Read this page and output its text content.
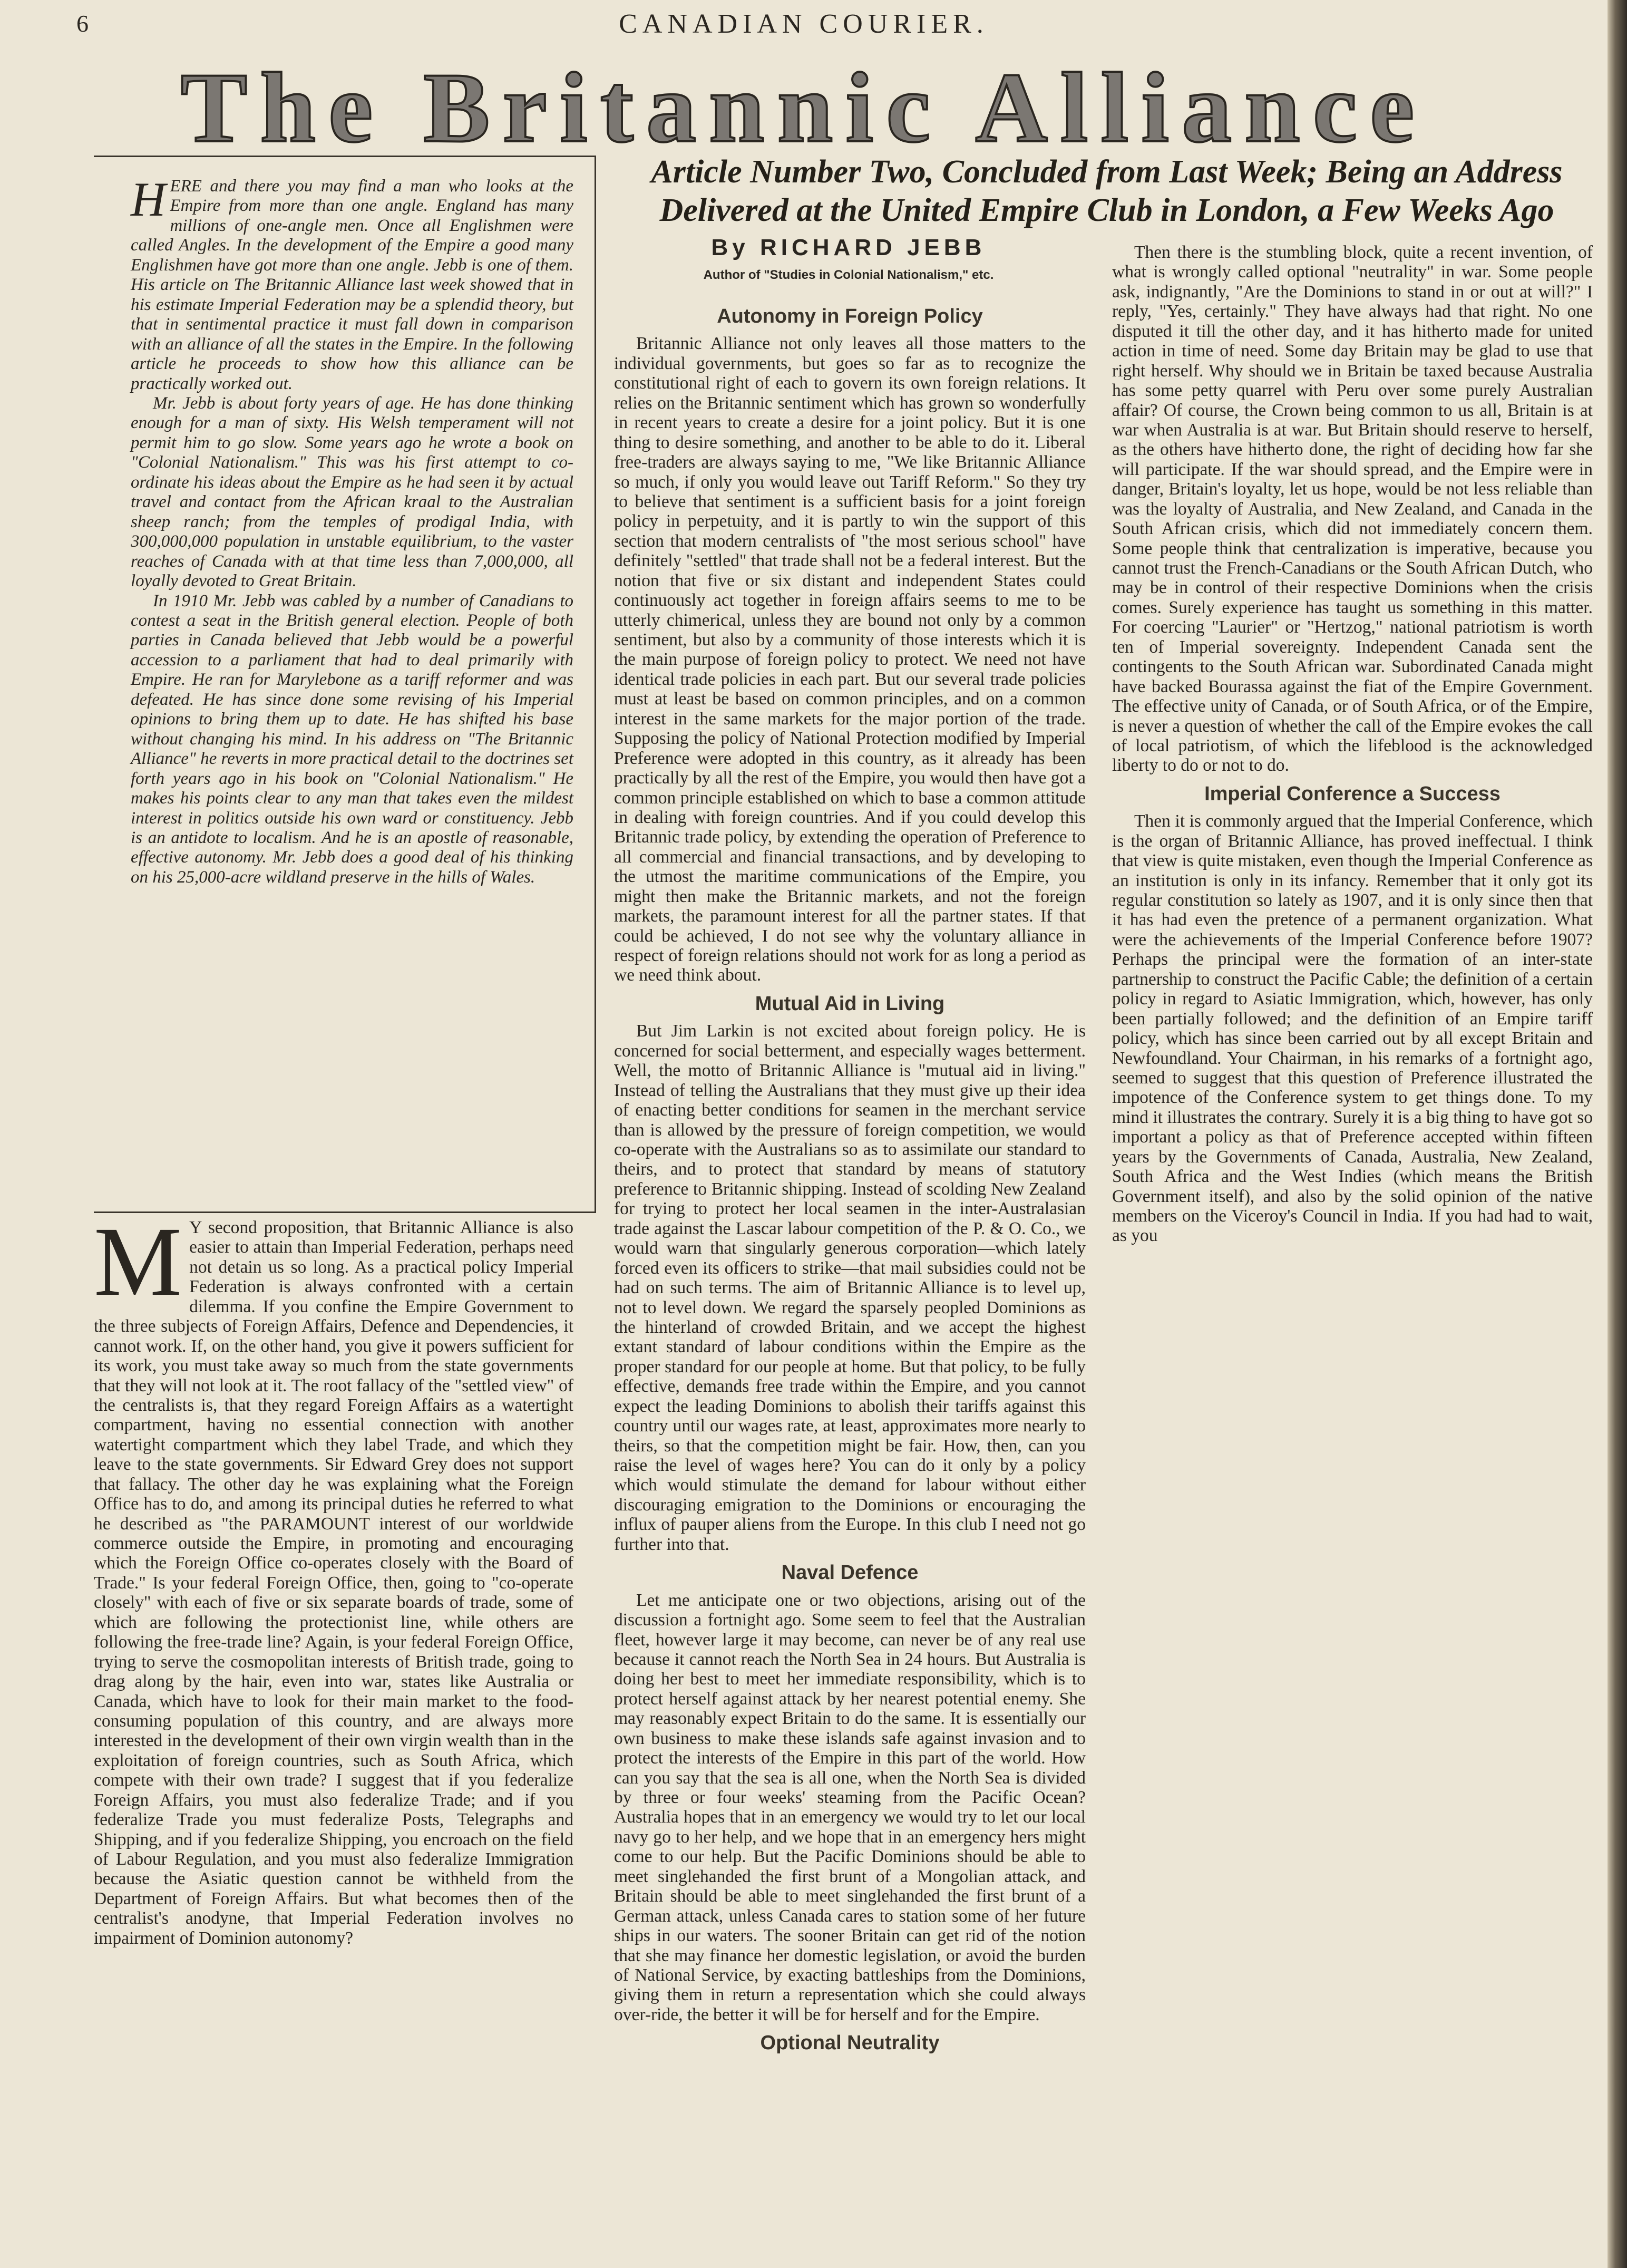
6	CANADIAN COURIER.
The Britannic Alliance
Article Number Two, Concluded from Last Week; Being an Address Delivered at the United Empire Club in London, a Few Weeks Ago
By RICHARD JEBB
Author of "Studies in Colonial Nationalism," etc.

HERE and there you may find a man who looks at the Empire from more than one angle. England has many millions of one-angle men. Once all Englishmen were called Angles. In the development of the Empire a good many Englishmen have got more than one angle. Jebb is one of them. His article on The Britannic Alliance last week showed that in his estimate Imperial Federation may be a splendid theory, but that in sentimental practice it must fall down in comparison with an alliance of all the states in the Empire. In the following article he proceeds to show how this alliance can be practically worked out.

Mr. Jebb is about forty years of age. He has done thinking enough for a man of sixty. His Welsh temperament will not permit him to go slow. Some years ago he wrote a book on "Colonial Nationalism." This was his first attempt to co-ordinate his ideas about the Empire as he had seen it by actual travel and contact from the African kraal to the Australian sheep ranch; from the temples of prodigal India, with 300,000,000 population in unstable equilibrium, to the vaster reaches of Canada with at that time less than 7,000,000, all loyally devoted to Great Britain.

In 1910 Mr. Jebb was cabled by a number of Canadians to contest a seat in the British general election. People of both parties in Canada believed that Jebb would be a powerful accession to a parliament that had to deal primarily with Empire. He ran for Marylebone as a tariff reformer and was defeated. He has since done some revising of his Imperial opinions to bring them up to date. He has shifted his base without changing his mind. In his address on "The Britannic Alliance" he reverts in more practical detail to the doctrines set forth years ago in his book on "Colonial Nationalism." He makes his points clear to any man that takes even the mildest interest in politics outside his own ward or constituency. Jebb is an antidote to localism. And he is an apostle of reasonable, effective autonomy. Mr. Jebb does a good deal of his thinking on his 25,000-acre wildland preserve in the hills of Wales.

M Y second proposition, that Britannic Alliance is also easier to attain than Imperial Federation, perhaps need not detain us so long. As a practical policy Imperial Federation is always confronted with a certain dilemma. If you confine the Empire Government to the three subjects of Foreign Affairs, Defence and Dependencies, it cannot work. If, on the other hand, you give it powers sufficient for its work, you must take away so much from the state governments that they will not look at it. The root fallacy of the "settled view" of the centralists is, that they regard Foreign Affairs as a watertight compartment, having no essential connection with another watertight compartment which they label Trade, and which they leave to the state governments. Sir Edward Grey does not support that fallacy. The other day he was explaining what the Foreign Office has to do, and among its principal duties he referred to what he described as "the PARAMOUNT interest of our worldwide commerce outside the Empire, in promoting and encouraging which the Foreign Office co-operates closely with the Board of Trade." Is your federal Foreign Office, then, going to "co-operate closely" with each of five or six separate boards of trade, some of which are following the protectionist line, while others are following the free-trade line? Again, is your federal Foreign Office, trying to serve the cosmopolitan interests of British trade, going to drag along by the hair, even into war, states like Australia or Canada, which have to look for their main market to the food-consuming population of this country, and are always more interested in the development of their own virgin wealth than in the exploitation of foreign countries, such as South Africa, which compete with their own trade? I suggest that if you federalize Foreign Affairs, you must also federalize Trade; and if you federalize Trade you must federalize Posts, Telegraphs and Shipping, and if you federalize Shipping, you encroach on the field of Labour Regulation, and you must also federalize Immigration because the Asiatic question cannot be withheld from the Department of Foreign Affairs. But what becomes then of the centralist's anodyne, that Imperial Federation involves no impairment of Dominion autonomy?

Autonomy in Foreign Policy

Britannic Alliance not only leaves all those matters to the individual governments, but goes so far as to recognize the constitutional right of each to govern its own foreign relations. It relies on the Britannic sentiment which has grown so wonderfully in recent years to create a desire for a joint policy. But it is one thing to desire something, and another to be able to do it. Liberal free-traders are always saying to me, "We like Britannic Alliance so much, if only you would leave out Tariff Reform." So they try to believe that sentiment is a sufficient basis for a joint foreign policy in perpetuity, and it is partly to win the support of this section that modern centralists of "the most serious school" have definitely "settled" that trade shall not be a federal interest. But the notion that five or six distant and independent States could continuously act together in foreign affairs seems to me to be utterly chimerical, unless they are bound not only by a common sentiment, but also by a community of those interests which it is the main purpose of foreign policy to protect. We need not have identical trade policies in each part. But our several trade policies must at least be based on common principles, and on a common interest in the same markets for the major portion of the trade. Supposing the policy of National Protection modified by Imperial Preference were adopted in this country, as it already has been practically by all the rest of the Empire, you would then have got a common principle established on which to base a common attitude in dealing with foreign countries. And if you could develop this Britannic trade policy, by extending the operation of Preference to all commercial and financial transactions, and by developing to the utmost the maritime communications of the Empire, you might then make the Britannic markets, and not the foreign markets, the paramount interest for all the partner states. If that could be achieved, I do not see why the voluntary alliance in respect of foreign relations should not work for as long a period as we need think about.

Mutual Aid in Living

But Jim Larkin is not excited about foreign policy. He is concerned for social betterment, and especially wages betterment. Well, the motto of Britannic Alliance is "mutual aid in living." Instead of telling the Australians that they must give up their idea of enacting better conditions for seamen in the merchant service than is allowed by the pressure of foreign competition, we would co-operate with the Australians so as to assimilate our standard to theirs, and to protect that standard by means of statutory preference to Britannic shipping. Instead of scolding New Zealand for trying to protect her local seamen in the inter-Australasian trade against the Lascar labour competition of the P. & O. Co., we would warn that singularly generous corporation—which lately forced even its officers to strike—that mail subsidies could not be had on such terms. The aim of Britannic Alliance is to level up, not to level down. We regard the sparsely peopled Dominions as the hinterland of crowded Britain, and we accept the highest extant standard of labour conditions within the Empire as the proper standard for our people at home. But that policy, to be fully effective, demands free trade within the Empire, and you cannot expect the leading Dominions to abolish their tariffs against this country until our wages rate, at least, approximates more nearly to theirs, so that the competition might be fair. How, then, can you raise the level of wages here? You can do it only by a policy which would stimulate the demand for labour without either discouraging emigration to the Dominions or encouraging the influx of pauper aliens from the Europe. In this club I need not go further into that.

Naval Defence

Let me anticipate one or two objections, arising out of the discussion a fortnight ago. Some seem to feel that the Australian fleet, however large it may become, can never be of any real use because it cannot reach the North Sea in 24 hours. But Australia is doing her best to meet her immediate responsibility, which is to protect herself against attack by her nearest potential enemy. She may reasonably expect Britain to do the same. It is essentially our own business to make these islands safe against invasion and to protect the interests of the Empire in this part of the world. How can you say that the sea is all one, when the North Sea is divided by three or four weeks' steaming from the Pacific Ocean? Australia hopes that in an emergency we would try to let our local navy go to her help, and we hope that in an emergency hers might come to our help. But the Pacific Dominions should be able to meet singlehanded the first brunt of a Mongolian attack, and Britain should be able to meet singlehanded the first brunt of a German attack, unless Canada cares to station some of her future ships in our waters. The sooner Britain can get rid of the notion that she may finance her domestic legislation, or avoid the burden of National Service, by exacting battleships from the Dominions, giving them in return a representation which she could always over-ride, the better it will be for herself and for the Empire.

Optional Neutrality

Then there is the stumbling block, quite a recent invention, of what is wrongly called optional "neutrality" in war. Some people ask, indignantly, "Are the Dominions to stand in or out at will?" I reply, "Yes, certainly." They have always had that right. No one disputed it till the other day, and it has hitherto made for united action in time of need. Some day Britain may be glad to use that right herself. Why should we in Britain be taxed because Australia has some petty quarrel with Peru over some purely Australian affair? Of course, the Crown being common to us all, Britain is at war when Australia is at war. But Britain should reserve to herself, as the others have hitherto done, the right of deciding how far she will participate. If the war should spread, and the Empire were in danger, Britain's loyalty, let us hope, would be not less reliable than was the loyalty of Australia, and New Zealand, and Canada in the South African crisis, which did not immediately concern them. Some people think that centralization is imperative, because you cannot trust the French-Canadians or the South African Dutch, who may be in control of their respective Dominions when the crisis comes. Surely experience has taught us something in this matter. For coercing "Laurier" or "Hertzog," national patriotism is worth ten of Imperial sovereignty. Independent Canada sent the contingents to the South African war. Subordinated Canada might have backed Bourassa against the fiat of the Empire Government. The effective unity of Canada, or of South Africa, or of the Empire, is never a question of whether the call of the Empire evokes the call of local patriotism, of which the lifeblood is the acknowledged liberty to do or not to do.

Imperial Conference a Success

Then it is commonly argued that the Imperial Conference, which is the organ of Britannic Alliance, has proved ineffectual. I think that view is quite mistaken, even though the Imperial Conference as an institution is only in its infancy. Remember that it only got its regular constitution so lately as 1907, and it is only since then that it has had even the pretence of a permanent organization. What were the achievements of the Imperial Conference before 1907? Perhaps the principal were the formation of an inter-state partnership to construct the Pacific Cable; the definition of a certain policy in regard to Asiatic Immigration, which, however, has only been partially followed; and the definition of an Empire tariff policy, which has since been carried out by all except Britain and Newfoundland. Your Chairman, in his remarks of a fortnight ago, seemed to suggest that this question of Preference illustrated the impotence of the Conference system to get things done. To my mind it illustrates the contrary. Surely it is a big thing to have got so important a policy as that of Preference accepted within fifteen years by the Governments of Canada, Australia, New Zealand, South Africa and the West Indies (which means the British Government itself), and also by the solid opinion of the native members on the Viceroy's Council in India. If you had had to wait, as you
